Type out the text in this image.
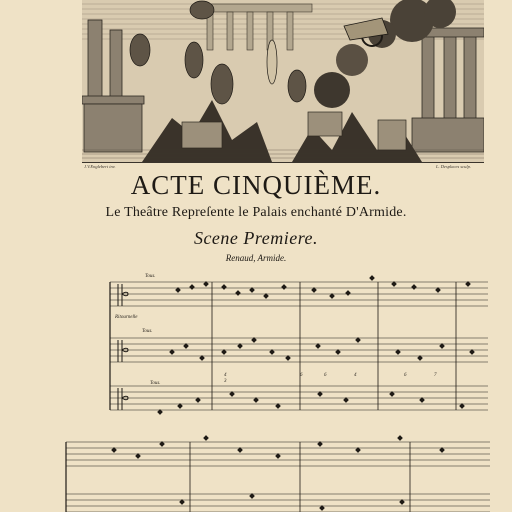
J.V.Englebert inv.	L. Desplaces sculp.
ACTE CINQUIÈME.
Le Theâtre Repreſente le Palais enchanté D'Armide.
Scene Premiere.
Renaud, Armide.
Tous.
Ritournelle
Tous.
Tous.
4
3
6	6	4	6	7
